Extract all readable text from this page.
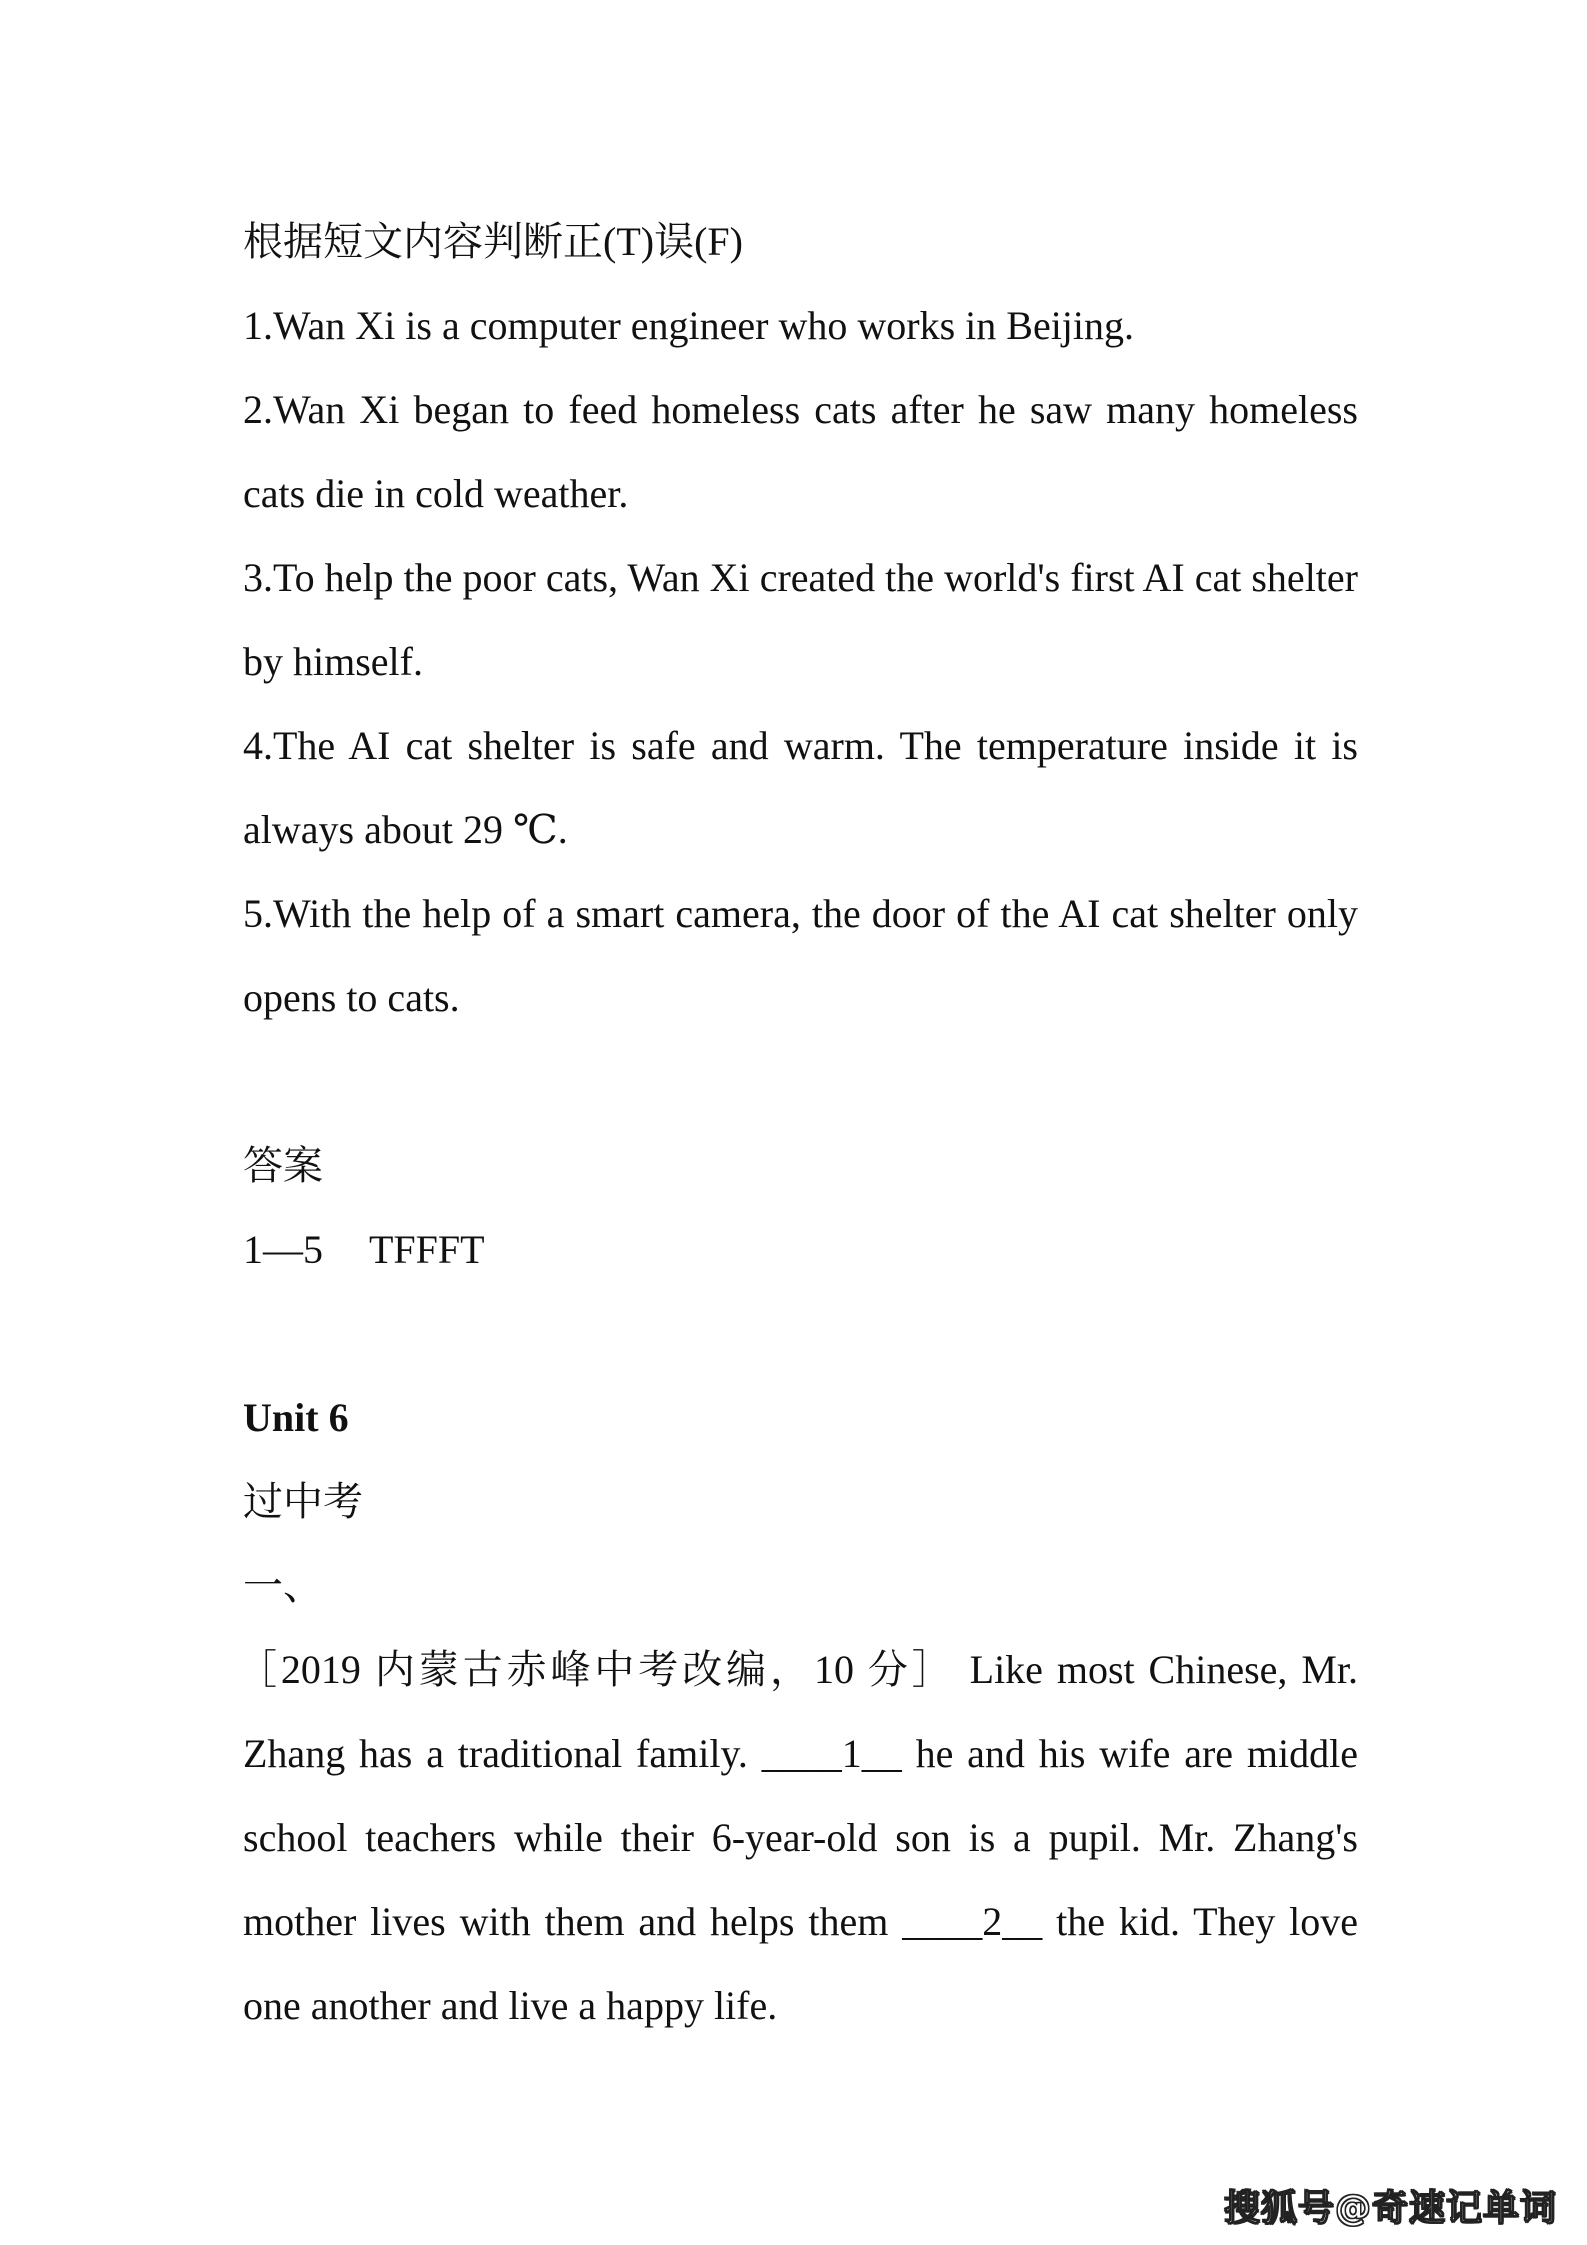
根据短文内容判断正(T)误(F)

1.Wan Xi is a computer engineer who works in Beijing.

2.Wan Xi began to feed homeless cats after he saw many homeless cats die in cold weather.

3.To help the poor cats, Wan Xi created the world's first AI cat shelter by himself.

4.The AI cat shelter is safe and warm. The temperature inside it is always about 29 ℃.

5.With the help of a smart camera, the door of the AI cat shelter only opens to cats.

答案

1—5 TFFFT

Unit 6

过中考

一、

［2019 内蒙古赤峰中考改编，10 分］ Like most Chinese, Mr. Zhang has a traditional family. ____1__ he and his wife are middle school teachers while their 6-year-old son is a pupil. Mr. Zhang's mother lives with them and helps them ____2__ the kid. They love one another and live a happy life.

搜狐号@奇速记单词
